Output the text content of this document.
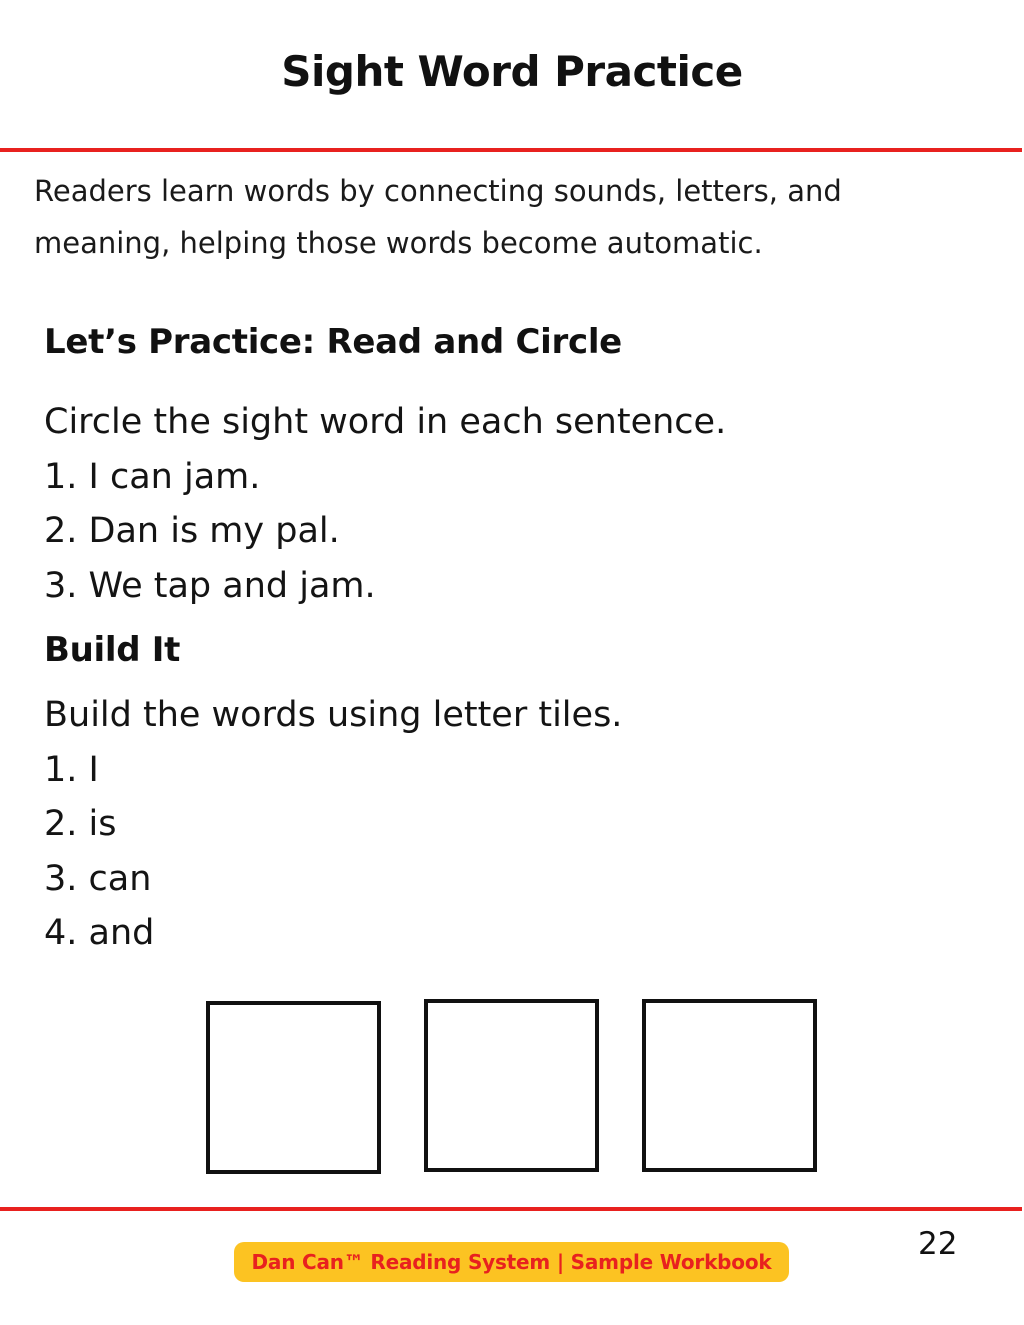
Sight Word Practice
Readers learn words by connecting sounds, letters, and
meaning, helping those words become automatic.
Let’s Practice: Read and Circle
Circle the sight word in each sentence.
1. I can jam.
2. Dan is my pal.
3. We tap and jam.
Build It
Build the words using letter tiles.
1. I
2. is
3. can
4. and
22
Dan Can™ Reading System | Sample Workbook
